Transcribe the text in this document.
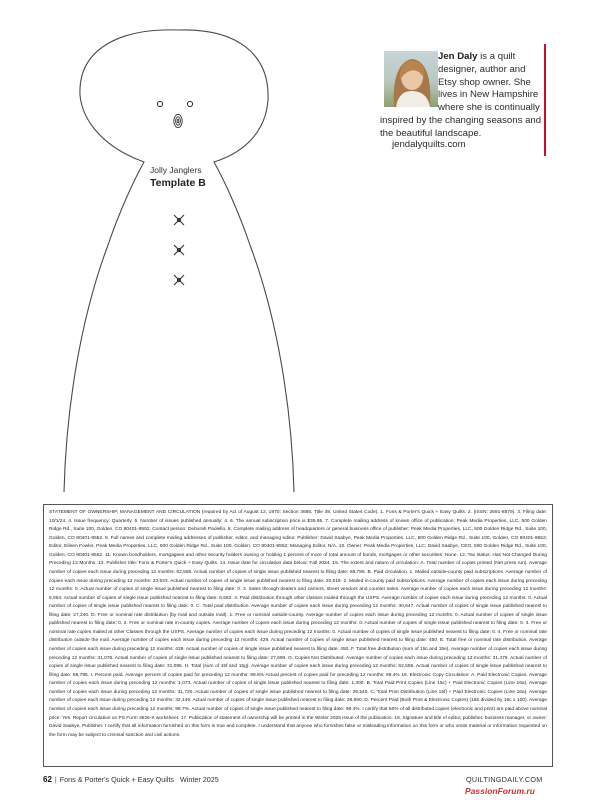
Jolly Janglers
Template B
Jen Daly is a quilt designer, author and Etsy shop owner. She lives in New Hampshire where she is continually inspired by the changing seasons and the beautiful landscape.
jendalyquilts.com
STATEMENT OF OWNERSHIP, MANAGEMENT AND CIRCULATION (required by Act of August 12, 1970: Section 3685, Title 39, United States Code). 1. Fons & Porter's Quick + Easy Quilts. 2. (ISSN: 2691-8579). 3. Filing date: 10/1/24. 4. Issue frequency: Quarterly. 5. Number of issues published annually: 4. 6. The annual subscription price is $39.95. 7. Complete mailing address of known office of publication: Peak Media Properties, LLC, 500 Golden Ridge Rd., Suite 100, Golden, CO 80401-9552. Contact person: Deborah Paolello. 8. Complete mailing address of headquarters or general business office of publisher: Peak Media Properties, LLC, 500 Golden Ridge Rd., Suite 100, Golden, CO 80401-9552. 9. Full names and complete mailing addresses of publisher, editor, and managing editor. Publisher: David Saabye, Peak Media Properties, LLC, 500 Golden Ridge Rd., Suite 100, Golden, CO 80401-9552; Editor, Eileen Fowler, Peak Media Properties, LLC, 500 Golden Ridge Rd., Suite 100, Golden, CO 80401-9552; Managing Editor, N/A. 10. Owner: Peak Media Properties, LLC; David Saabye, CEO, 500 Golden Ridge Rd., Suite 100, Golden, CO 80401-9552. 11. Known bondholders, mortgagees and other security holders owning or holding 1 percent of more of total amount of bonds, mortgages or other securities: None. 12. Tax status: Has Not Changed During Preceding 12 Months. 13. Publisher title: Fons & Porter's Quick + Easy Quilts. 14. Issue date for circulation data below: Fall 2024. 15. The extent and nature of circulation: A. Total number of copies printed (Net press run). Average number of copies each issue during preceding 12 months: 62,555. Actual number of copies of single issue published nearest to filing date: 58,785. B. Paid circulation. 1. Mailed outside-county paid subscriptions. Average number of copies each issue during preceding 12 months: 23,633. Actual number of copies of single issue published nearest to filing date: 20,518. 2. Mailed in-county paid subscriptions. Average number of copies each issue during preceding 12 months: 0. Actual number of copies of single issue published nearest to filing date: 0. 3. Sales through dealers and carriers, street vendors and counter sales. Average number of copies each issue during preceding 12 months: 6,954. Actual number of copies of single issue published nearest to filing date: 6,682. 4. Paid distribution through other classes mailed through the USPS. Average number of copies each issue during preceding 12 months: 0. Actual number of copies of single issue published nearest to filing date: 0. C. Total paid distribution. Average number of copies each issue during preceding 12 months: 30,647. Actual number of copies of single issue published nearest to filing date: 27,240. D. Free or nominal rate distribution (by mail and outside mail). 1. Free or nominal outside-county. Average number of copies each issue during preceding 12 months: 0. Actual number of copies of single issue published nearest to filing date: 0. 2. Free or nominal rate in-county copies. Average number of copies each issue during preceding 12 months: 0. Actual number of copies of single issue published nearest to filing date: 0. 3. Free or nominal rate copies mailed at other Classes through the USPS. Average number of copies each issue during preceding 12 months: 0. Actual number of copies of single issue published nearest to filing date: 0. 4. Free or nominal rate distribution outside the mail. Average number of copies each issue during preceding 12 months: 429. Actual number of copies of single issue published nearest to filing date: 450. E. Total free or nominal rate distribution. Average number of copies each issue during preceding 12 months: 429. Actual number of copies of single issue published nearest to filing date: 450. F. Total free distribution (sum of 15c and 15e). Average number of copies each issue during preceding 12 months: 31,076. Actual number of copies of single issue published nearest to filing date: 27,690. G. Copies Not Distributed. Average number of copies each issue during preceding 12 months: 31,479. Actual number of copies of single issue published nearest to filing date: 31,095. H. Total (sum of 15f and 15g). Average number of copies each issue during preceding 12 months: 62,555. Actual number of copies of single issue published nearest to filing date: 58,785. I. Percent paid. Average percent of copies paid for preceding 12 months: 98.6% Actual percent of copies paid for preceding 12 months: 98.4% 16. Electronic Copy Circulation: A. Paid Electronic Copies. Average number of copies each issue during preceding 12 months: 1,073. Actual number of copies of single issue published nearest to filing date: 1,300. B. Total Paid Print Copies (Line 15c) + Paid Electronic Copies (Line 16a). Average number of copies each issue during preceding 12 months: 31,720. Actual number of copies of single issue published nearest to filing date: 28,540. C. Total Print Distribution (Line 15f) + Paid Electronic Copies (Line 16a). Average number of copies each issue during preceding 12 months: 32,149. Actual number of copies of single issue published nearest to filing date: 28,990. D. Percent Paid (Both Print & Electronic Copies) (16b divided by 16c x 100). Average number of copies each issue during preceding 12 months: 98.7%. Actual number of copies of single issue published nearest to filing date: 98.4%. I certify that 50% of all distributed copies (electronic and print) are paid above nominal price: Yes. Report circulation on PS Form 3526-X worksheet. 17. Publication of statement of ownership will be printed in the Winter 2025 issue of the publication. 18. Signature and title of editor, publisher, business manager, or owner: David Saabye, Publisher. I certify that all information furnished on this form is true and complete. I understand that anyone who furnishes false or misleading information on this form or who omits material or information requested on the form may be subject to criminal sanction and civil actions.
62 | Fons & Porter's Quick + Easy Quilts Winter 2025	QUILTINGDAILY.COM
PassionForum.ru
